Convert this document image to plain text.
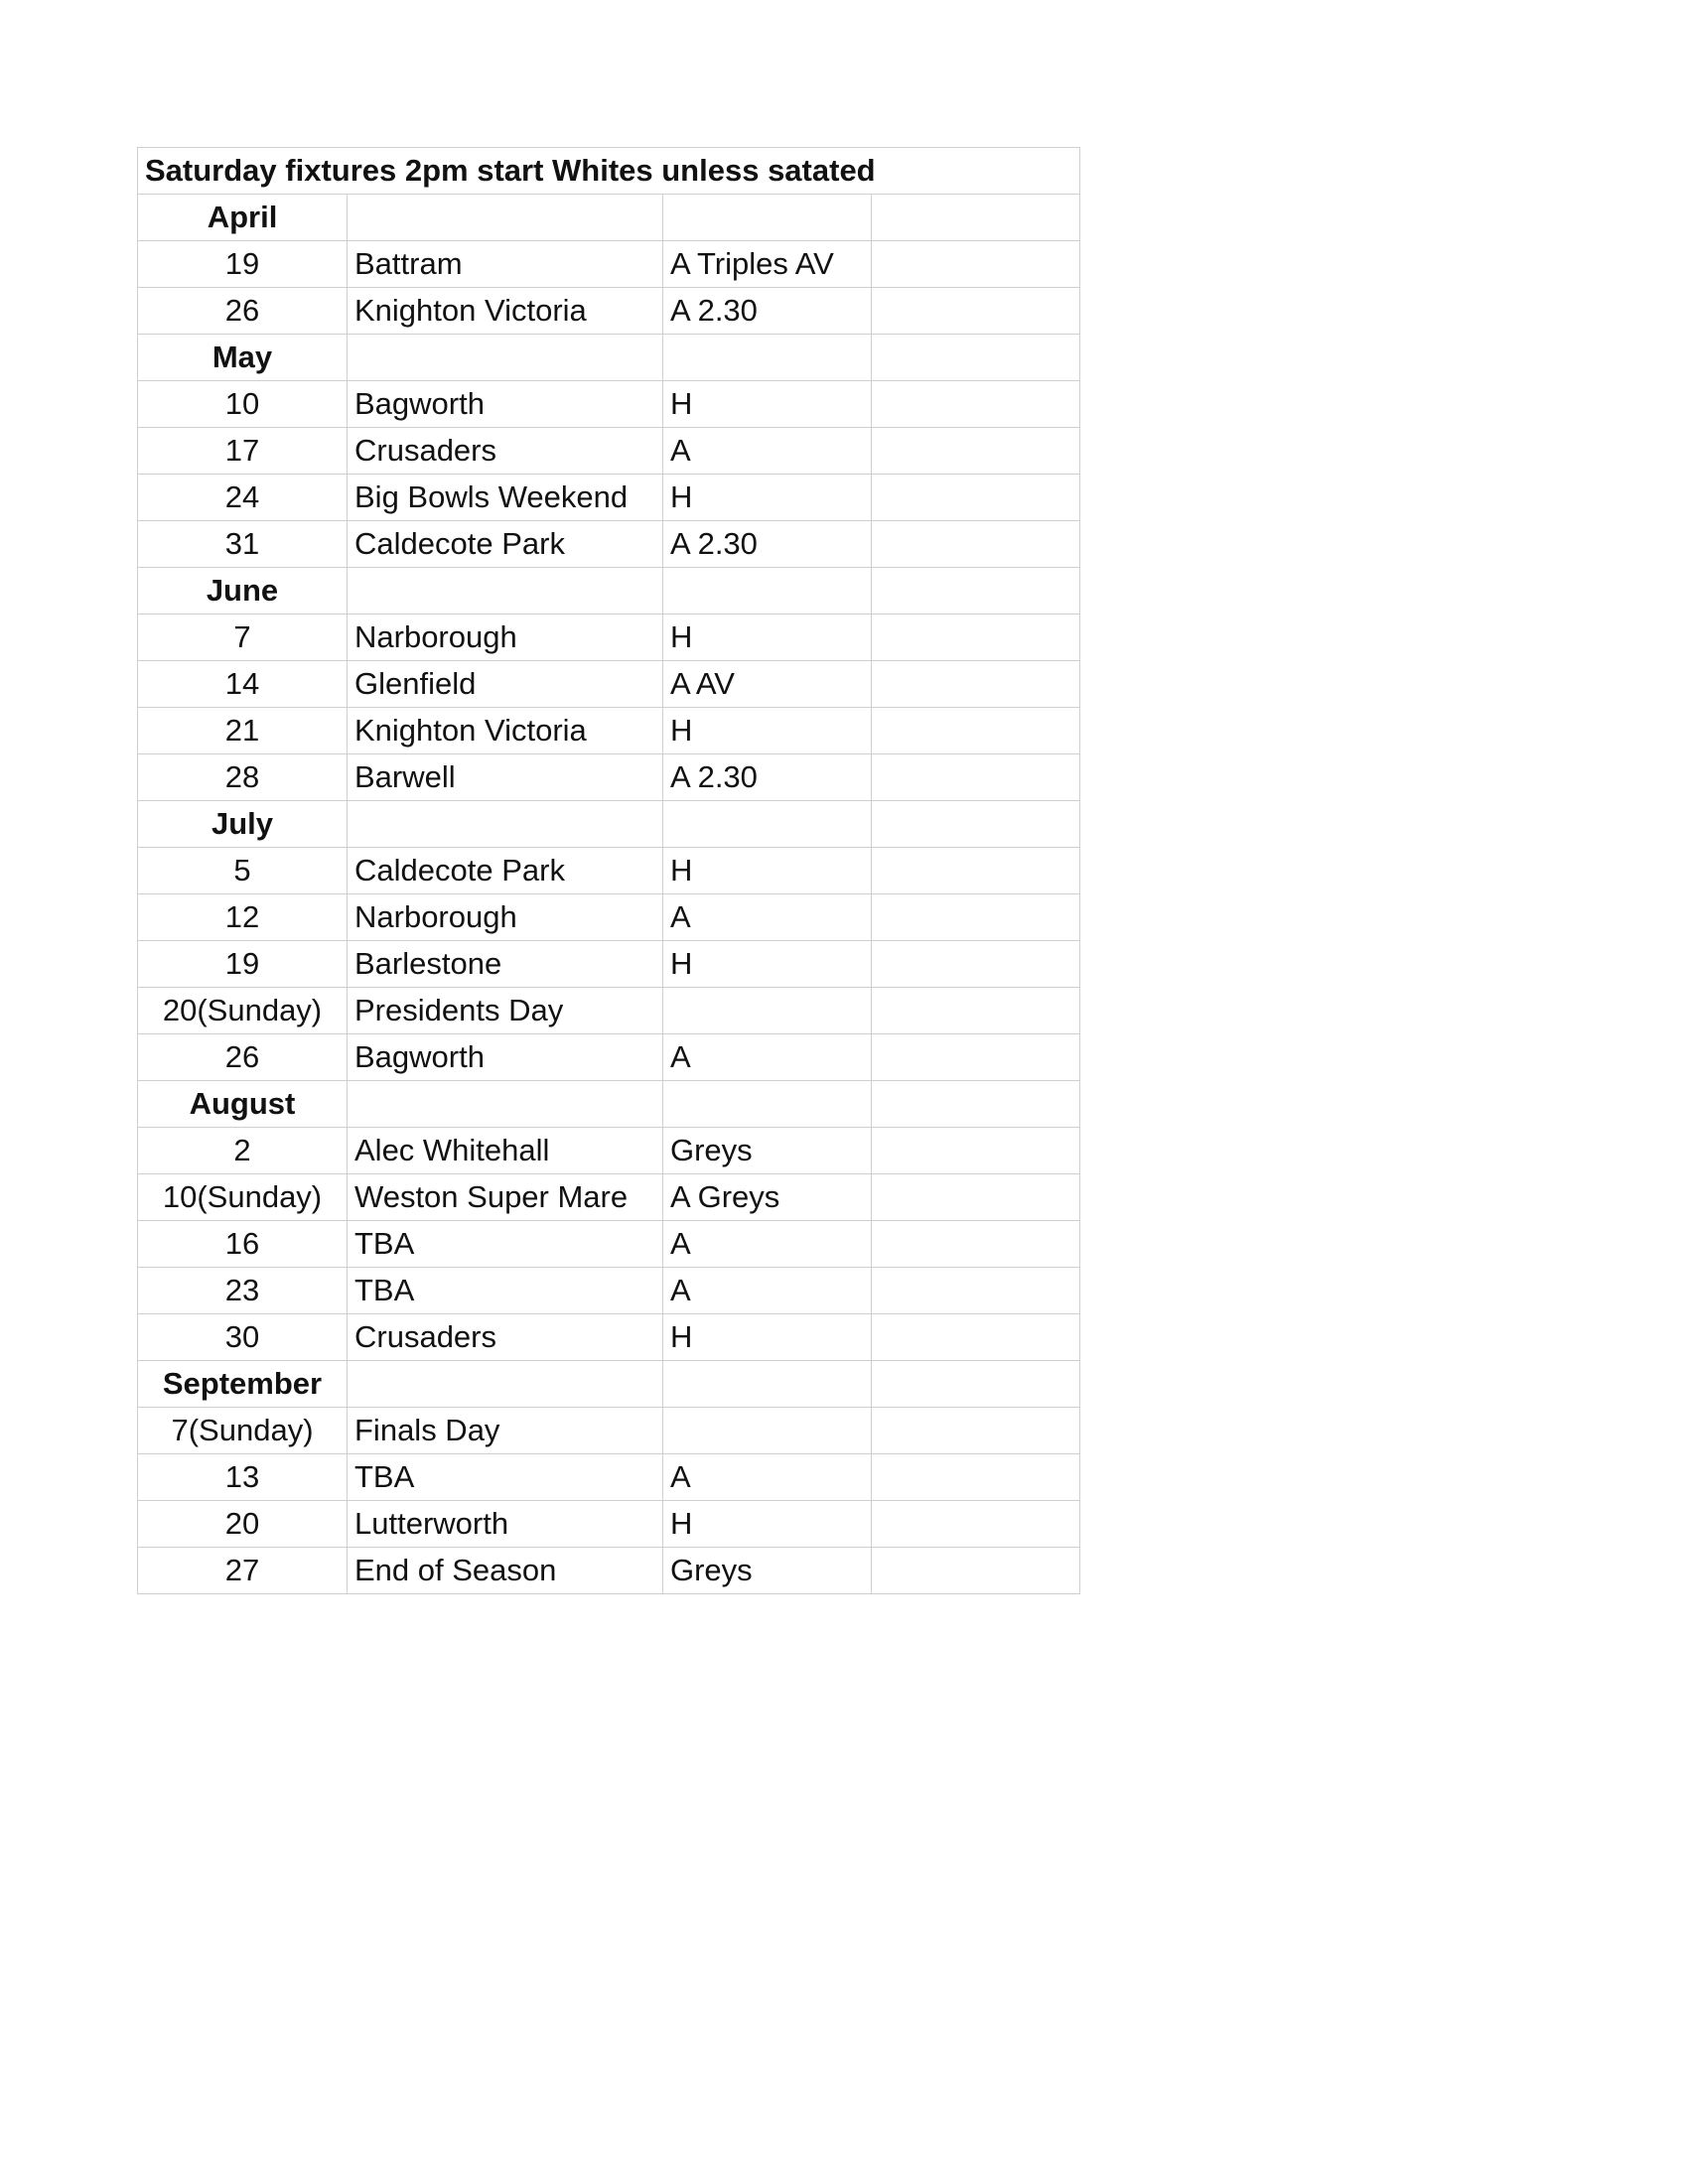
Saturday fixtures 2pm start Whites unless satated			
April			
19	Battram	A Triples AV	
26	Knighton Victoria	A 2.30	
May			
10	Bagworth	H	
17	Crusaders	A	
24	Big Bowls Weekend	H	
31	Caldecote Park	A 2.30	
June			
7	Narborough	H	
14	Glenfield	A AV	
21	Knighton Victoria	H	
28	Barwell	A 2.30	
July			
5	Caldecote Park	H	
12	Narborough	A	
19	Barlestone	H	
20(Sunday)	Presidents Day		
26	Bagworth	A	
August			
2	Alec Whitehall	Greys	
10(Sunday)	Weston Super Mare	A Greys	
16	TBA	A	
23	TBA	A	
30	Crusaders	H	
September			
7(Sunday)	Finals Day		
13	TBA	A	
20	Lutterworth	H	
27	End of Season	Greys	
